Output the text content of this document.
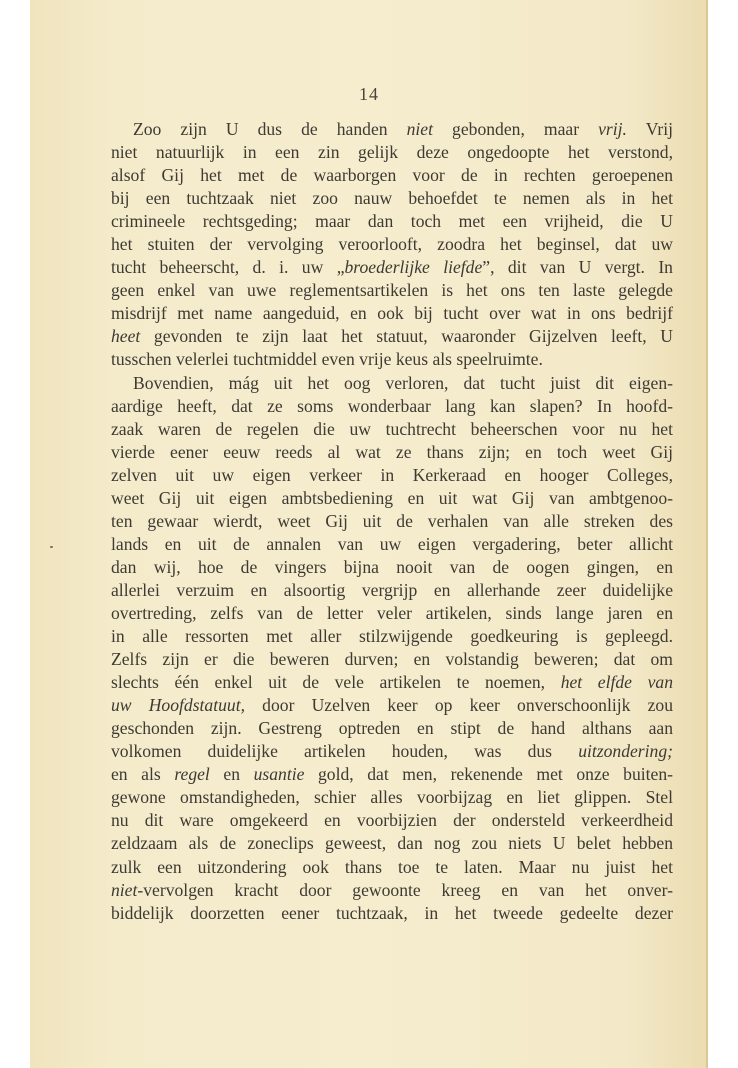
14
Zoo zijn U dus de handen niet gebonden, maar vrij. Vrij
niet natuurlijk in een zin gelijk deze ongedoopte het verstond,
alsof Gij het met de waarborgen voor de in rechten geroepenen
bij een tuchtzaak niet zoo nauw behoefdet te nemen als in het
crimineele rechtsgeding; maar dan toch met een vrijheid, die U
het stuiten der vervolging veroorlooft, zoodra het beginsel, dat uw
tucht beheerscht, d. i. uw „broederlijke liefde”, dit van U vergt. In
geen enkel van uwe reglementsartikelen is het ons ten laste gelegde
misdrijf met name aangeduid, en ook bij tucht over wat in ons bedrijf
heet gevonden te zijn laat het statuut, waaronder Gijzelven leeft, U
tusschen velerlei tuchtmiddel even vrije keus als speelruimte.
Bovendien, mág uit het oog verloren, dat tucht juist dit eigen-
aardige heeft, dat ze soms wonderbaar lang kan slapen? In hoofd-
zaak waren de regelen die uw tuchtrecht beheerschen voor nu het
vierde eener eeuw reeds al wat ze thans zijn; en toch weet Gij
zelven uit uw eigen verkeer in Kerkeraad en hooger Colleges,
weet Gij uit eigen ambtsbediening en uit wat Gij van ambtgenoo-
ten gewaar wierdt, weet Gij uit de verhalen van alle streken des
lands en uit de annalen van uw eigen vergadering, beter allicht
dan wij, hoe de vingers bijna nooit van de oogen gingen, en
allerlei verzuim en alsoortig vergrijp en allerhande zeer duidelijke
overtreding, zelfs van de letter veler artikelen, sinds lange jaren en
in alle ressorten met aller stilzwijgende goedkeuring is gepleegd.
Zelfs zijn er die beweren durven; en volstandig beweren; dat om
slechts één enkel uit de vele artikelen te noemen, het elfde van
uw Hoofdstatuut, door Uzelven keer op keer onverschoonlijk zou
geschonden zijn. Gestreng optreden en stipt de hand althans aan
volkomen duidelijke artikelen houden, was dus uitzondering;
en als regel en usantie gold, dat men, rekenende met onze buiten-
gewone omstandigheden, schier alles voorbijzag en liet glippen. Stel
nu dit ware omgekeerd en voorbijzien der ondersteld verkeerdheid
zeldzaam als de zoneclips geweest, dan nog zou niets U belet hebben
zulk een uitzondering ook thans toe te laten. Maar nu juist het
niet-vervolgen kracht door gewoonte kreeg en van het onver-
biddelijk doorzetten eener tuchtzaak, in het tweede gedeelte dezer
